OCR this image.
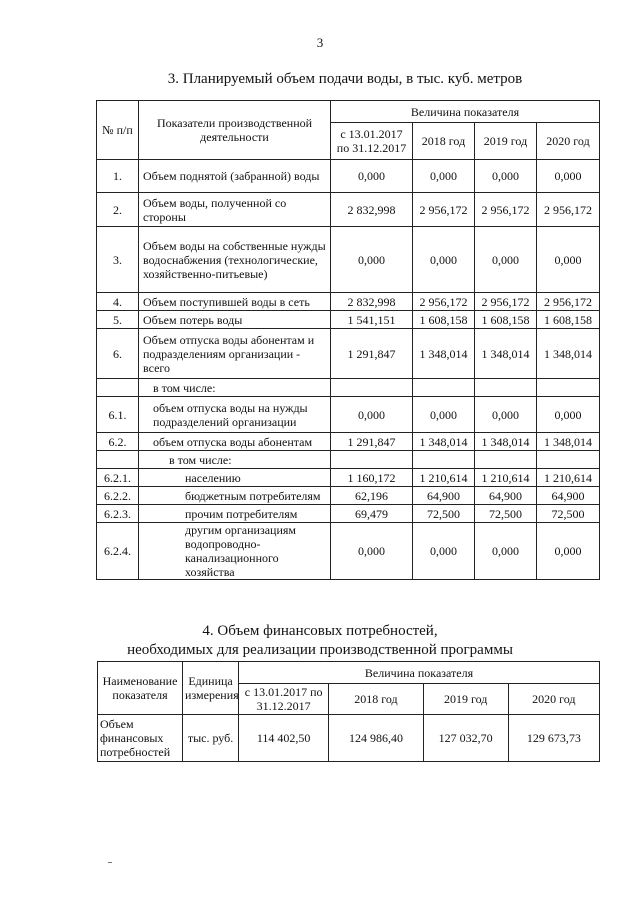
3
3. Планируемый объем подачи воды, в тыс. куб. метров
№ п/п	Показатели производственной деятельности	Величина показателя			
		с 13.01.2017 по 31.12.2017	2018 год	2019 год	2020 год
1.	Объем поднятой (забранной) воды	0,000	0,000	0,000	0,000
2.	Объем воды, полученной со стороны	2 832,998	2 956,172	2 956,172	2 956,172
3.	Объем воды на собственные нужды водоснабжения (технологические, хозяйственно-питьевые)	0,000	0,000	0,000	0,000
4.	Объем поступившей воды в сеть	2 832,998	2 956,172	2 956,172	2 956,172
5.	Объем потерь воды	1 541,151	1 608,158	1 608,158	1 608,158
6.	Объем отпуска воды абонентам и подразделениям организации - всего	1 291,847	1 348,014	1 348,014	1 348,014
	в том числе:				
6.1.	объем отпуска воды на нужды подразделений организации	0,000	0,000	0,000	0,000
6.2.	объем отпуска воды абонентам	1 291,847	1 348,014	1 348,014	1 348,014
	в том числе:				
6.2.1.	населению	1 160,172	1 210,614	1 210,614	1 210,614
6.2.2.	бюджетным потребителям	62,196	64,900	64,900	64,900
6.2.3.	прочим потребителям	69,479	72,500	72,500	72,500
6.2.4.	другим организациям водопроводно-канализационного хозяйства	0,000	0,000	0,000	0,000
4. Объем финансовых потребностей,
необходимых для реализации производственной программы
Наименование показателя	Единица измерения	Величина показателя			
		с 13.01.2017 по 31.12.2017	2018 год	2019 год	2020 год
Объем финансовых потребностей	тыс. руб.	114 402,50	124 986,40	127 032,70	129 673,73
